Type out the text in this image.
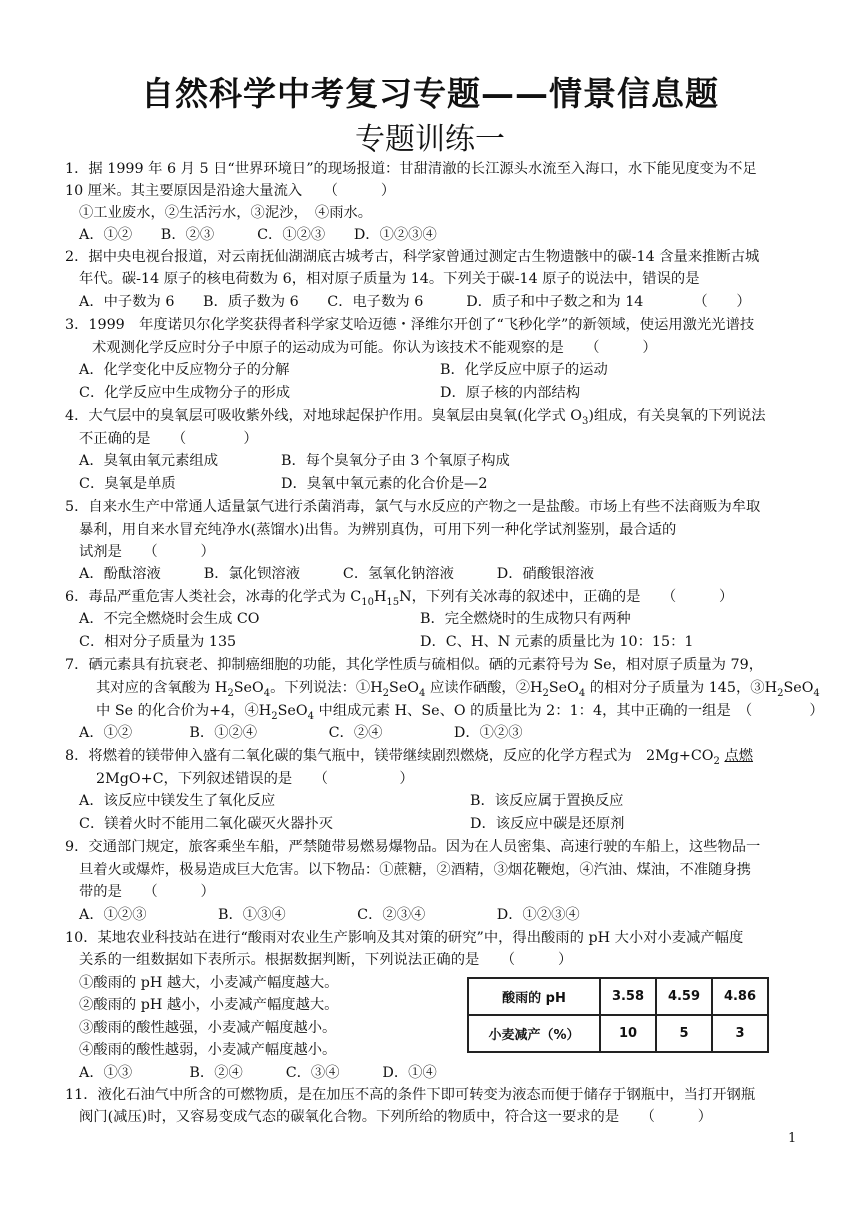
自然科学中考复习专题——情景信息题
专题训练一
1．据 1999 年 6 月 5 日“世界环境日”的现场报道：甘甜清澈的长江源头水流至入海口，水下能见度变为不足
10 厘米。其主要原因是沿途大量流入　　（　　　）
①工业废水，②生活污水，③泥沙，　④雨水。
A．①②　　B．②③　　　C．①②③　　D．①②③④
2．据中央电视台报道，对云南抚仙湖湖底古城考古，科学家曾通过测定古生物遗骸中的碳-14 含量来推断古城
年代。碳-14 原子的核电荷数为 6，相对原子质量为 14。下列关于碳-14 原子的说法中，错误的是
A．中子数为 6　　B．质子数为 6　　C．电子数为 6　　　D．质子和中子数之和为 14　　　　（　　）
3．1999　年度诺贝尔化学奖获得者科学家艾哈迈德・泽维尔开创了“飞秒化学”的新领域，使运用激光光谱技
术观测化学反应时分子中原子的运动成为可能。你认为该技术不能观察的是　　（　　　）
A．化学变化中反应物分子的分解	B．化学反应中原子的运动
C．化学反应中生成物分子的形成	D．原子核的内部结构
4．大气层中的臭氧层可吸收紫外线，对地球起保护作用。臭氧层由臭氧(化学式 $O_3$)组成，有关臭氧的下列说法
不正确的是　　（　　　　）
A．臭氧由氧元素组成	B．每个臭氧分子由 3 个氧原子构成
C．臭氧是单质	D．臭氧中氧元素的化合价是—2
5．自来水生产中常通人适量氯气进行杀菌消毒，氯气与水反应的产物之一是盐酸。市场上有些不法商贩为牟取
暴利，用自来水冒充纯净水(蒸馏水)出售。为辨别真伪，可用下列一种化学试剂鉴别，最合适的
试剂是　　（　　　）
A．酚酞溶液　　　B．氯化钡溶液　　　C．氢氧化钠溶液　　　D．硝酸银溶液
6．毒品严重危害人类社会，冰毒的化学式为 $C_{10}H_{15}N$，下列有关冰毒的叙述中，正确的是　　（　　　）
A．不完全燃烧时会生成 CO	B．完全燃烧时的生成物只有两种
C．相对分子质量为 135	D．C、H、N 元素的质量比为 10：15：1
7．硒元素具有抗衰老、抑制癌细胞的功能，其化学性质与硫相似。硒的元素符号为 Se，相对原子质量为 79，
其对应的含氧酸为 $H_2SeO_4$。下列说法：$①H_2SeO_4$ 应读作硒酸，$②H_2SeO_4$ 的相对分子质量为 145，$③H_2SeO_4$
中 Se 的化合价为+4，$④H_2SeO_4$ 中组成元素 H、Se、O 的质量比为 2：1：4，其中正确的一组是　（　　　　）
A．①②　　　　B．①②④　　　　　C．②④　　　　　D．①②③
8．将燃着的镁带伸入盛有二氧化碳的集气瓶中，镁带继续剧烈燃烧，反应的化学方程式为　$2Mg+CO_2$ 点燃
2MgO+C，下列叙述错误的是　　（　　　　　）
A．该反应中镁发生了氧化反应	B．该反应属于置换反应
C．镁着火时不能用二氧化碳灭火器扑灭	D．该反应中碳是还原剂
9．交通部门规定，旅客乘坐车船，严禁随带易燃易爆物品。因为在人员密集、高速行驶的车船上，这些物品一
旦着火或爆炸，极易造成巨大危害。以下物品：①蔗糖，②酒精，③烟花鞭炮，④汽油、煤油，不准随身携
带的是　　（　　　）
A．①②③　　　　　B．①③④　　　　　C．②③④　　　　　D．①②③④
10．某地农业科技站在进行“酸雨对农业生产影响及其对策的研究”中，得出酸雨的 pH 大小对小麦减产幅度
关系的一组数据如下表所示。根据数据判断，下列说法正确的是　　（　　　）
①酸雨的 pH 越大，小麦减产幅度越大。
②酸雨的 pH 越小，小麦减产幅度越大。
③酸雨的酸性越强，小麦减产幅度越小。
④酸雨的酸性越弱，小麦减产幅度越小。
A．①③　　　　B．②④　　　C．③④　　　D．①④
酸雨的 pH	3.58	4.59	4.86
小麦减产（%）	10	5	3
11．液化石油气中所含的可燃物质，是在加压不高的条件下即可转变为液态而便于储存于钢瓶中，当打开钢瓶
阀门(减压)时，又容易变成气态的碳氧化合物。下列所给的物质中，符合这一要求的是　　（　　　）
1
